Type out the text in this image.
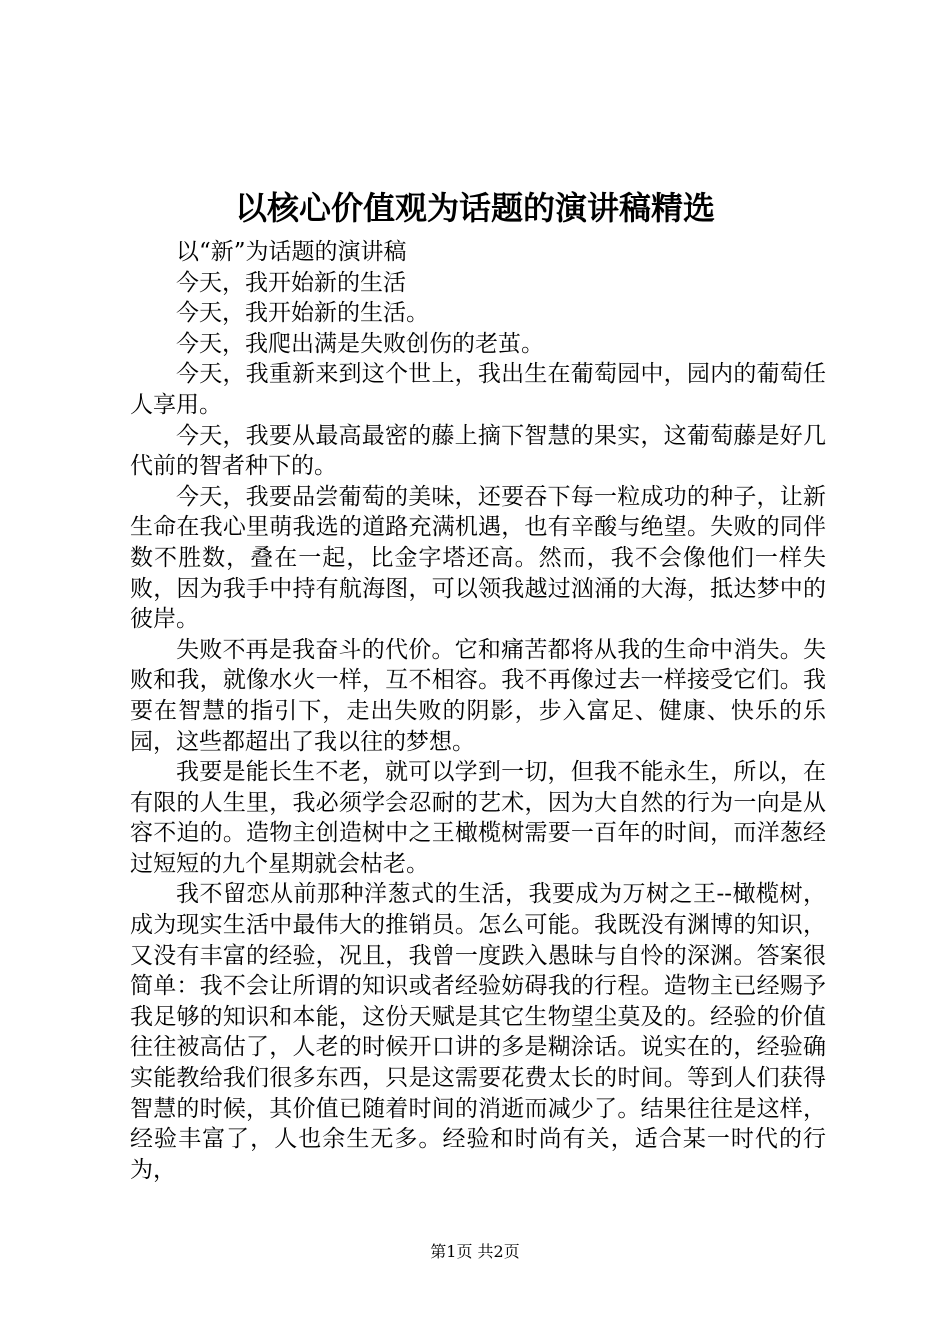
以核心价值观为话题的演讲稿精选

以“新”为话题的演讲稿

今天，我开始新的生活

今天，我开始新的生活。

今天，我爬出满是失败创伤的老茧。

今天，我重新来到这个世上，我出生在葡萄园中，园内的葡萄任人享用。

今天，我要从最高最密的藤上摘下智慧的果实，这葡萄藤是好几代前的智者种下的。

今天，我要品尝葡萄的美味，还要吞下每一粒成功的种子，让新生命在我心里萌我选的道路充满机遇，也有辛酸与绝望。失败的同伴数不胜数，叠在一起，比金字塔还高。然而，我不会像他们一样失败，因为我手中持有航海图，可以领我越过汹涌的大海，抵达梦中的彼岸。

失败不再是我奋斗的代价。它和痛苦都将从我的生命中消失。失败和我，就像水火一样，互不相容。我不再像过去一样接受它们。我要在智慧的指引下，走出失败的阴影，步入富足、健康、快乐的乐园，这些都超出了我以往的梦想。

我要是能长生不老，就可以学到一切，但我不能永生，所以，在有限的人生里，我必须学会忍耐的艺术，因为大自然的行为一向是从容不迫的。造物主创造树中之王橄榄树需要一百年的时间，而洋葱经过短短的九个星期就会枯老。

我不留恋从前那种洋葱式的生活，我要成为万树之王--橄榄树，成为现实生活中最伟大的推销员。怎么可能。我既没有渊博的知识，又没有丰富的经验，况且，我曾一度跌入愚昧与自怜的深渊。答案很简单：我不会让所谓的知识或者经验妨碍我的行程。造物主已经赐予我足够的知识和本能，这份天赋是其它生物望尘莫及的。经验的价值往往被高估了，人老的时候开口讲的多是糊涂话。说实在的，经验确实能教给我们很多东西，只是这需要花费太长的时间。等到人们获得智慧的时候，其价值已随着时间的消逝而减少了。结果往往是这样，经验丰富了，人也余生无多。经验和时尚有关，适合某一时代的行为，

第1页 共2页
